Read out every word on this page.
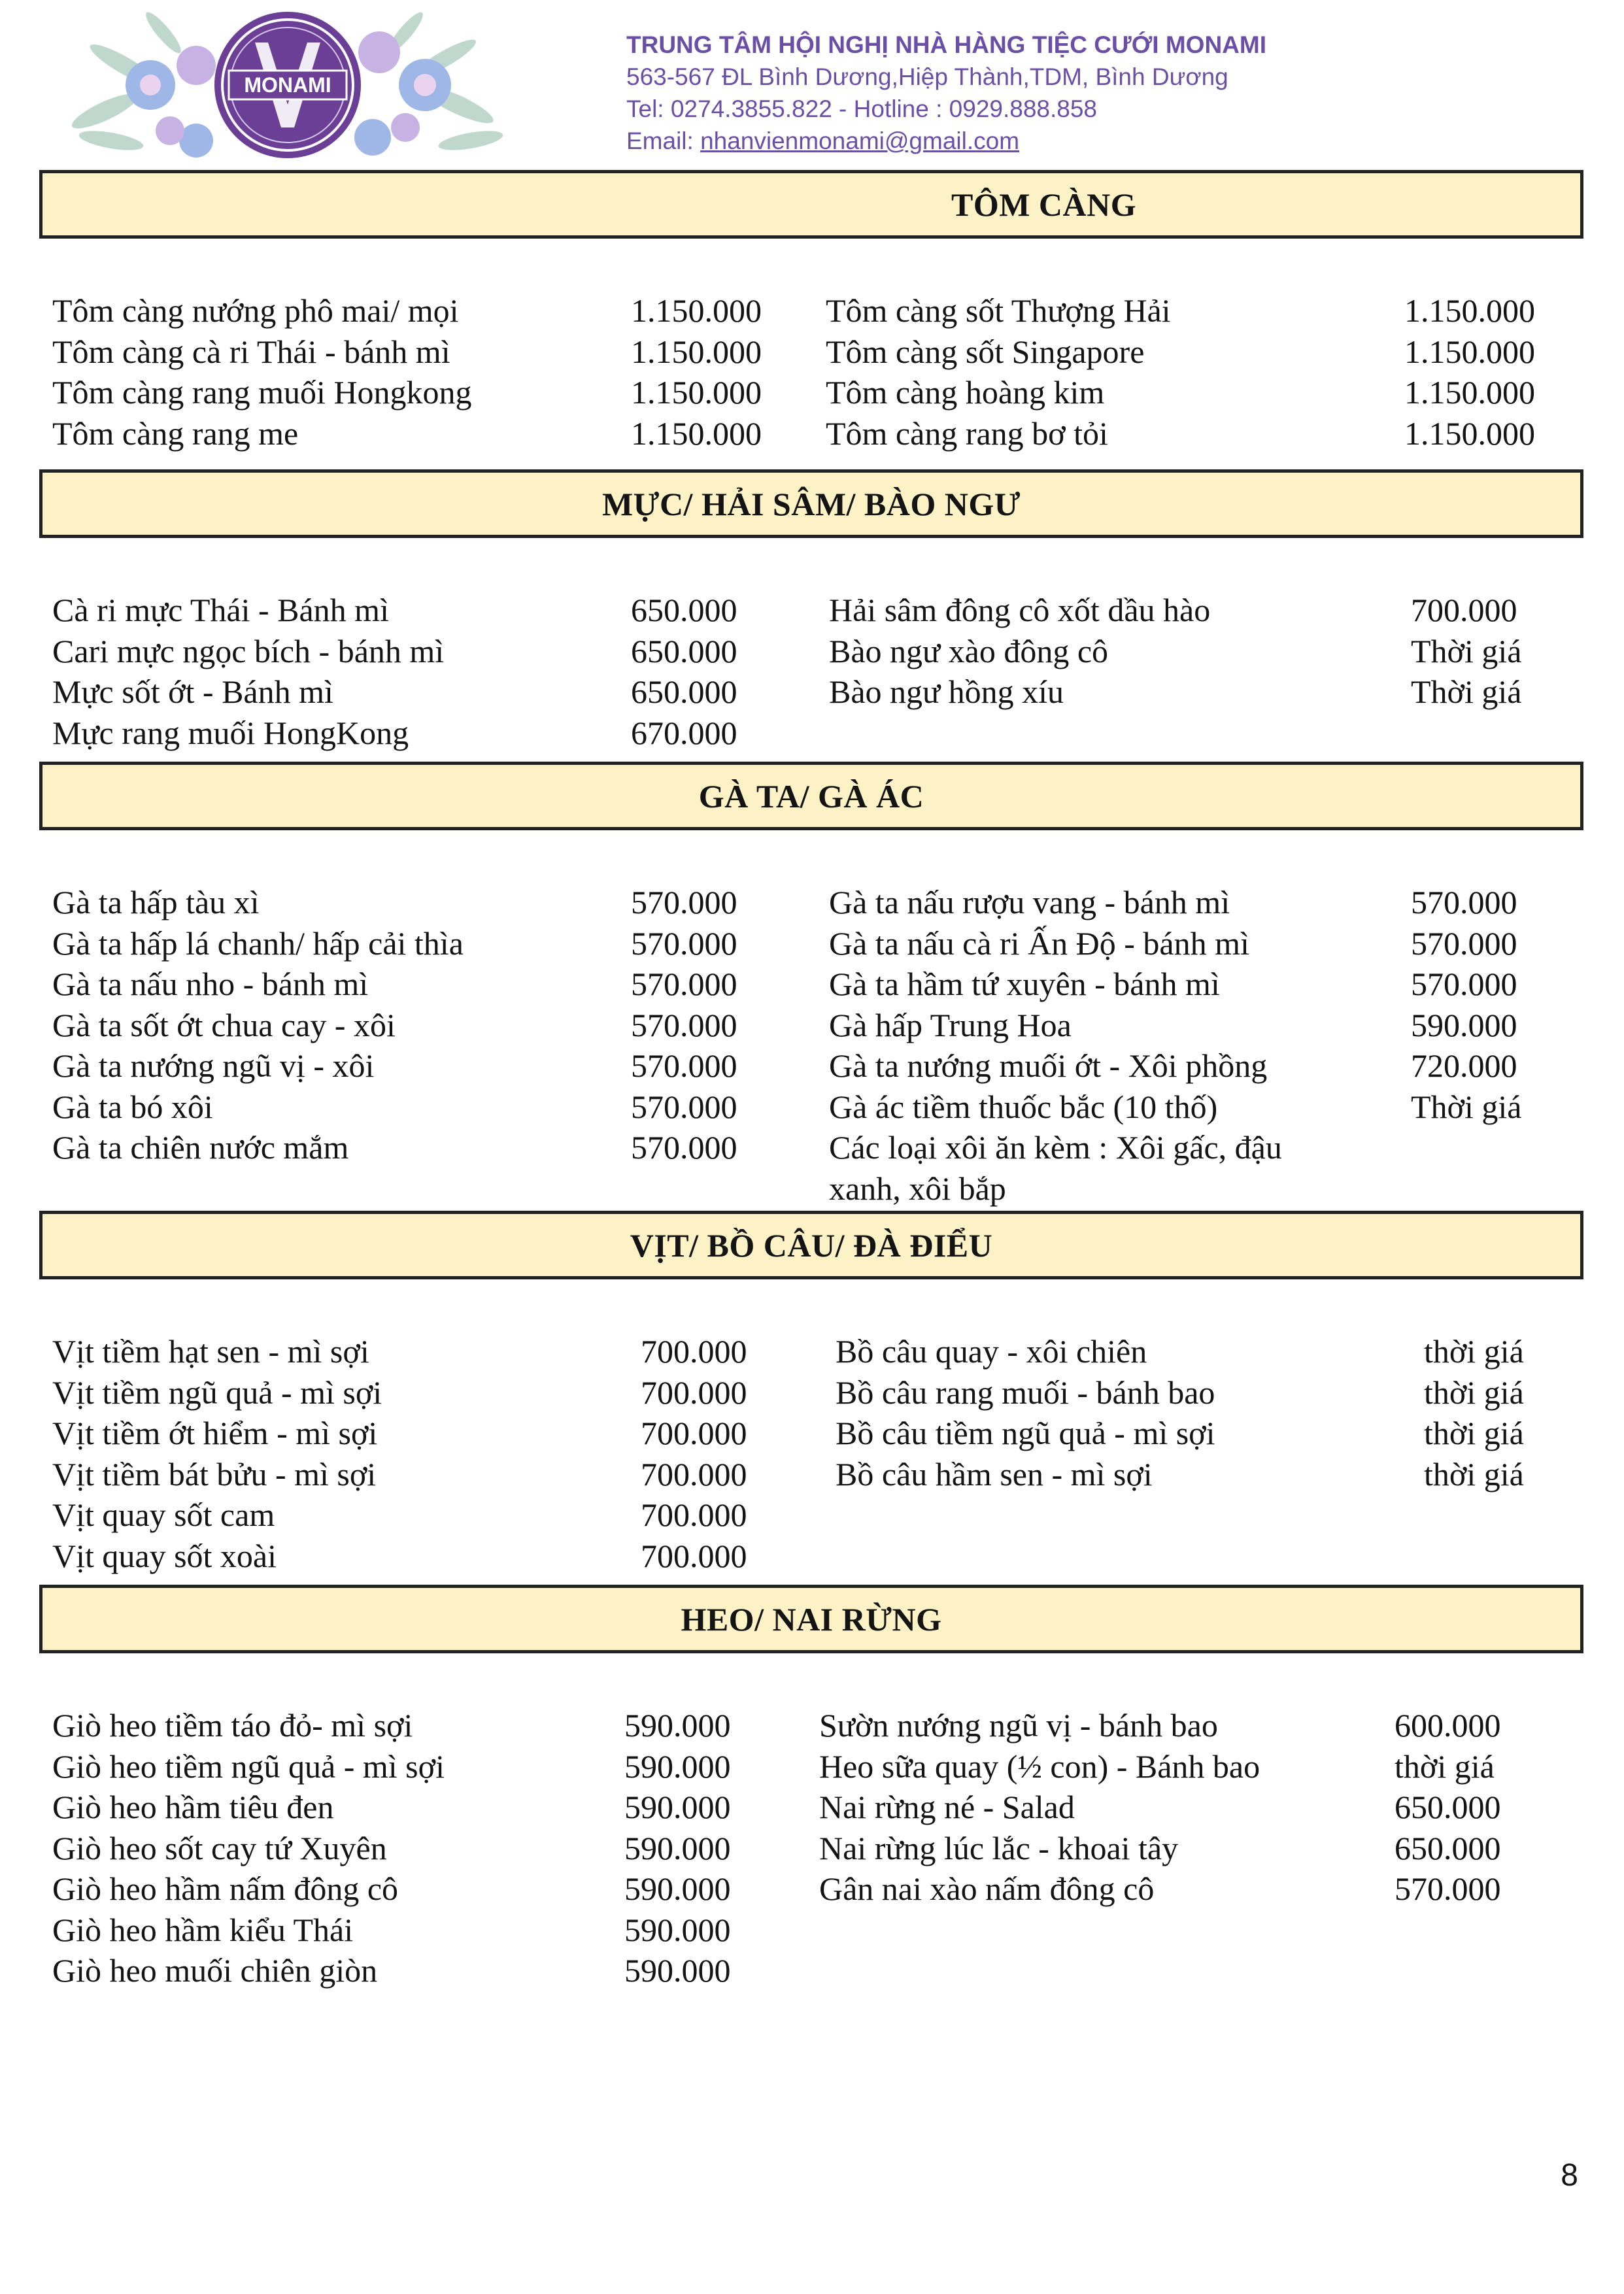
MONAMI
TRUNG TÂM HỘI NGHỊ NHÀ HÀNG TIỆC CƯỚI MONAMI
563-567 ĐL Bình Dương,Hiệp Thành,TDM, Bình Dương
Tel: 0274.3855.822 - Hotline : 0929.888.858
Email: nhanvienmonami@gmail.com
TÔM CÀNG
Tôm càng nướng phô mai/ mọi	1.150.000
Tôm càng cà ri Thái - bánh mì	1.150.000
Tôm càng rang muối Hongkong	1.150.000
Tôm càng rang me	1.150.000
Tôm càng sốt Thượng Hải	1.150.000
Tôm càng sốt Singapore	1.150.000
Tôm càng hoàng kim	1.150.000
Tôm càng rang bơ tỏi	1.150.000
MỰC/ HẢI SÂM/ BÀO NGƯ
Cà ri mực Thái - Bánh mì	650.000
Cari mực ngọc bích - bánh mì	650.000
Mực sốt ớt - Bánh mì	650.000
Mực rang muối HongKong	670.000
Hải sâm đông cô xốt dầu hào	700.000
Bào ngư xào đông cô	Thời giá
Bào ngư hồng xíu	Thời giá
GÀ TA/ GÀ ÁC
Gà ta hấp tàu xì	570.000
Gà ta hấp lá chanh/ hấp cải thìa	570.000
Gà ta nấu nho - bánh mì	570.000
Gà ta sốt ớt chua cay - xôi	570.000
Gà ta nướng ngũ vị - xôi	570.000
Gà ta bó xôi	570.000
Gà ta chiên nước mắm	570.000
Gà ta nấu rượu vang - bánh mì	570.000
Gà ta nấu cà ri Ấn Độ - bánh mì	570.000
Gà ta hầm tứ xuyên - bánh mì	570.000
Gà hấp Trung Hoa	590.000
Gà ta nướng muối ớt - Xôi phồng	720.000
Gà ác tiềm thuốc bắc (10 thố)	Thời giá
Các loại xôi ăn kèm : Xôi gấc, đậu
xanh, xôi bắp
VỊT/ BỒ CÂU/ ĐÀ ĐIỂU
Vịt tiềm hạt sen - mì sợi	700.000
Vịt tiềm ngũ quả - mì sợi	700.000
Vịt tiềm ớt hiểm - mì sợi	700.000
Vịt tiềm bát bửu - mì sợi	700.000
Vịt quay sốt cam	700.000
Vịt quay sốt xoài	700.000
Bồ câu quay - xôi chiên	thời giá
Bồ câu rang muối - bánh bao	thời giá
Bồ câu tiềm ngũ quả - mì sợi	thời giá
Bồ câu hầm sen - mì sợi	thời giá
HEO/ NAI RỪNG
Giò heo tiềm táo đỏ- mì sợi	590.000
Giò heo tiềm ngũ quả - mì sợi	590.000
Giò heo hầm tiêu đen	590.000
Giò heo sốt cay tứ Xuyên	590.000
Giò heo hầm nấm đông cô	590.000
Giò heo hầm kiểu Thái	590.000
Giò heo muối chiên giòn	590.000
Sườn nướng ngũ vị - bánh bao	600.000
Heo sữa quay (½ con) - Bánh bao	thời giá
Nai rừng né - Salad	650.000
Nai rừng lúc lắc - khoai tây	650.000
Gân nai xào nấm đông cô	570.000
8
